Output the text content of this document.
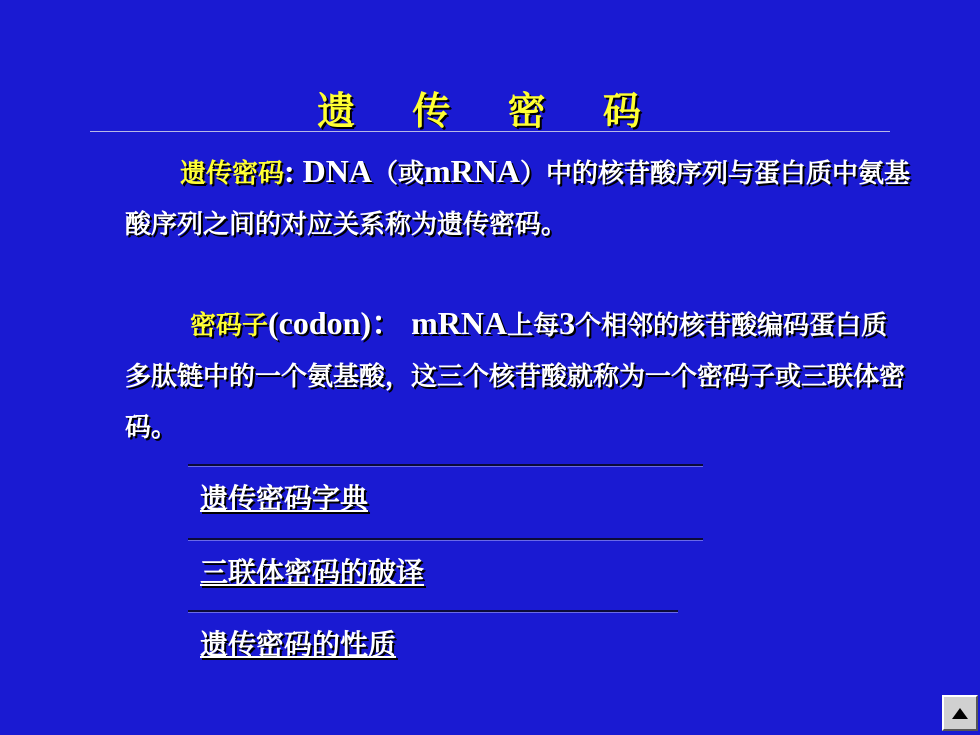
遗 传 密 码
遗传密码: DNA（或mRNA）中的核苷酸序列与蛋白质中氨基酸序列之间的对应关系称为遗传密码。
密码子(codon)： mRNA上每3个相邻的核苷酸编码蛋白质多肽链中的一个氨基酸，这三个核苷酸就称为一个密码子或三联体密码。
遗传密码字典
三联体密码的破译
遗传密码的性质
